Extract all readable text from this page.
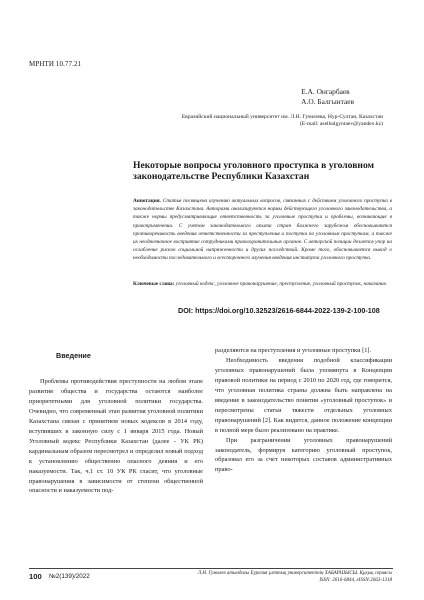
МРНТИ 10.77.21
Е.А. Онгарбаев
А.О. Балгынтаев
Евразийский национальный университет им. Л.Н. Гумилева, Нур-Султан, Казахстан
(E-mail: aselbalgyntaev@yandex.kz)
Некоторые вопросы уголовного проступка в уголовном законодательстве Республики Казахстан
Аннотация. Статья посвящена изучению актуальных вопросов, связанных с действием уголовного проступка в законодательстве Казахстана. Авторами анализируются нормы действующего уголовного законодательства, а также нормы предусматривающие ответственность за уголовные проступки и проблемы, возникающие в правоприменении. С учетом законодательного опыта стран ближнего зарубежья обосновываются противоречивость введения ответственности за преступления и поступки по уголовным проступкам, а также их неоднозначное восприятие сотрудниками правоохранительных органов. С авторской позиции делается упор на ослабление рисков социальной напряженности и других последствий. Кроме того, обосновывается вывод о необходимости последовательного и всестороннего изучения введения института уголовного проступка.
Ключевые слова: уголовный кодекс, уголовное правонарушение, преступление, уголовный проступок, наказание.
DOI: https://doi.org/10.32523/2616-6844-2022-139-2-100-108
Введение

Проблемы противодействия преступности на любом этапе развития общества и государства остаются наиболее приоритетными для уголовной политики государства. Очевидно, что современный этап развития уголовной политики Казахстана связан с принятием новых кодексов в 2014 году, вступивших в законную силу с 1 января 2015 года. Новый Уголовный кодекс Республики Казахстан (далее - УК РК) кардинальным образом пересмотрел и определил новый подход к установлению общественно опасного деяния и его наказуемости. Так, ч.1 ст. 10 УК РК гласит, что уголовные правонарушения в зависимости от степени общественной опасности и наказуемости под-

разделяются на преступления и уголовные проступки [1].

Необходимость введения подобной классификации уголовных правонарушений была упомянута в Концепции правовой политики на период с 2010 по 2020 год, где говорится, что уголовная политика страны должна быть направлена на введение в законодательство понятия «уголовный проступок» и пересмотрены статьи тяжести отдельных уголовных правонарушений [2]. Как видится, данное положение концепции в полной мере было реализовано на практике.

При разграничении уголовных правонарушений законодатель, формируя категорию уголовный проступок, образовал его за счет некоторых составов административных право-

100 №2(139)/2022	Л.Н. Гумилев атындағы Еуразия ұлттық университетінің ХАБАРШЫСЫ. Құқық сериясы
ISSN: 2616-6844, eISSN:2663-1318
